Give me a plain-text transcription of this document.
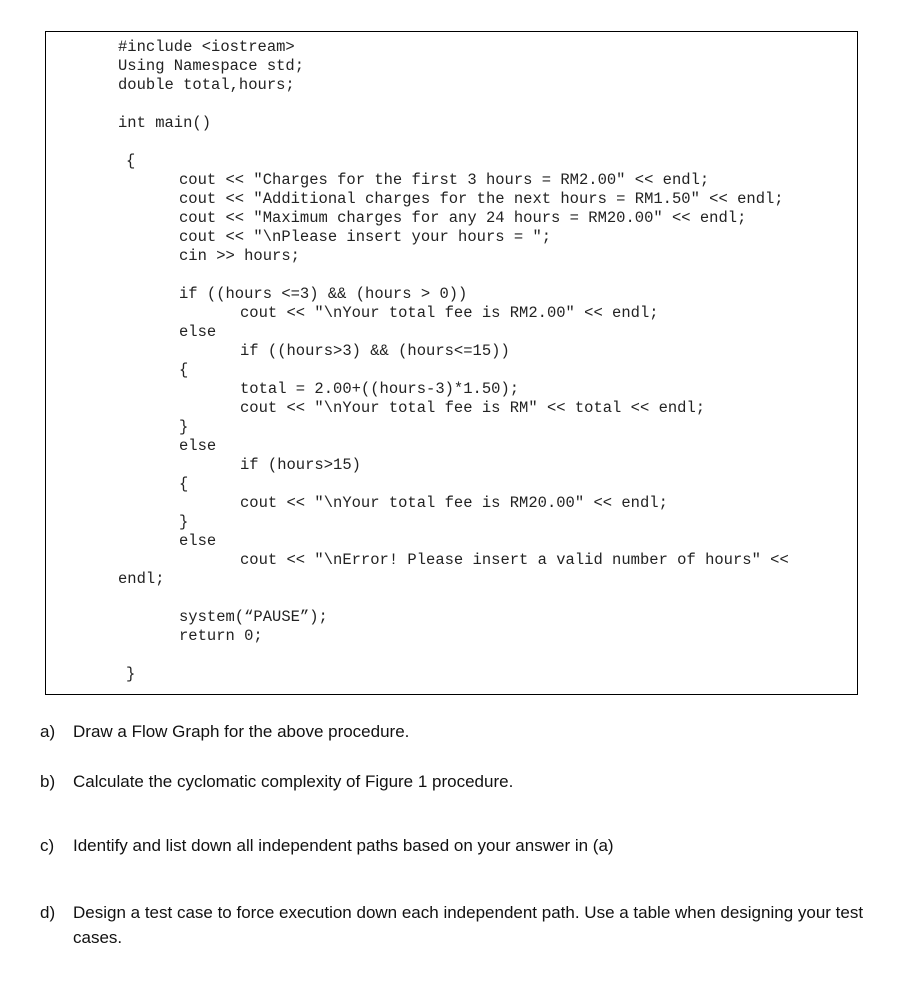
#include <iostream>
Using Namespace std;
double total,hours;
int main()
{
cout << "Charges for the first 3 hours = RM2.00" << endl;
cout << "Additional charges for the next hours = RM1.50" << endl;
cout << "Maximum charges for any 24 hours = RM20.00" << endl;
cout << "\nPlease insert your hours = ";
cin >> hours;
if ((hours <=3) && (hours > 0))
cout << "\nYour total fee is RM2.00" << endl;
else
if ((hours>3) && (hours<=15))
{
total = 2.00+((hours-3)*1.50);
cout << "\nYour total fee is RM" << total << endl;
}
else
if (hours>15)
{
cout << "\nYour total fee is RM20.00" << endl;
}
else
cout << "\nError! Please insert a valid number of hours" <<
endl;
system(“PAUSE”);
return 0;
}
a) Draw a Flow Graph for the above procedure.
b) Calculate the cyclomatic complexity of Figure 1 procedure.
c) Identify and list down all independent paths based on your answer in (a)
d) Design a test case to force execution down each independent path. Use a table when designing your test cases.
